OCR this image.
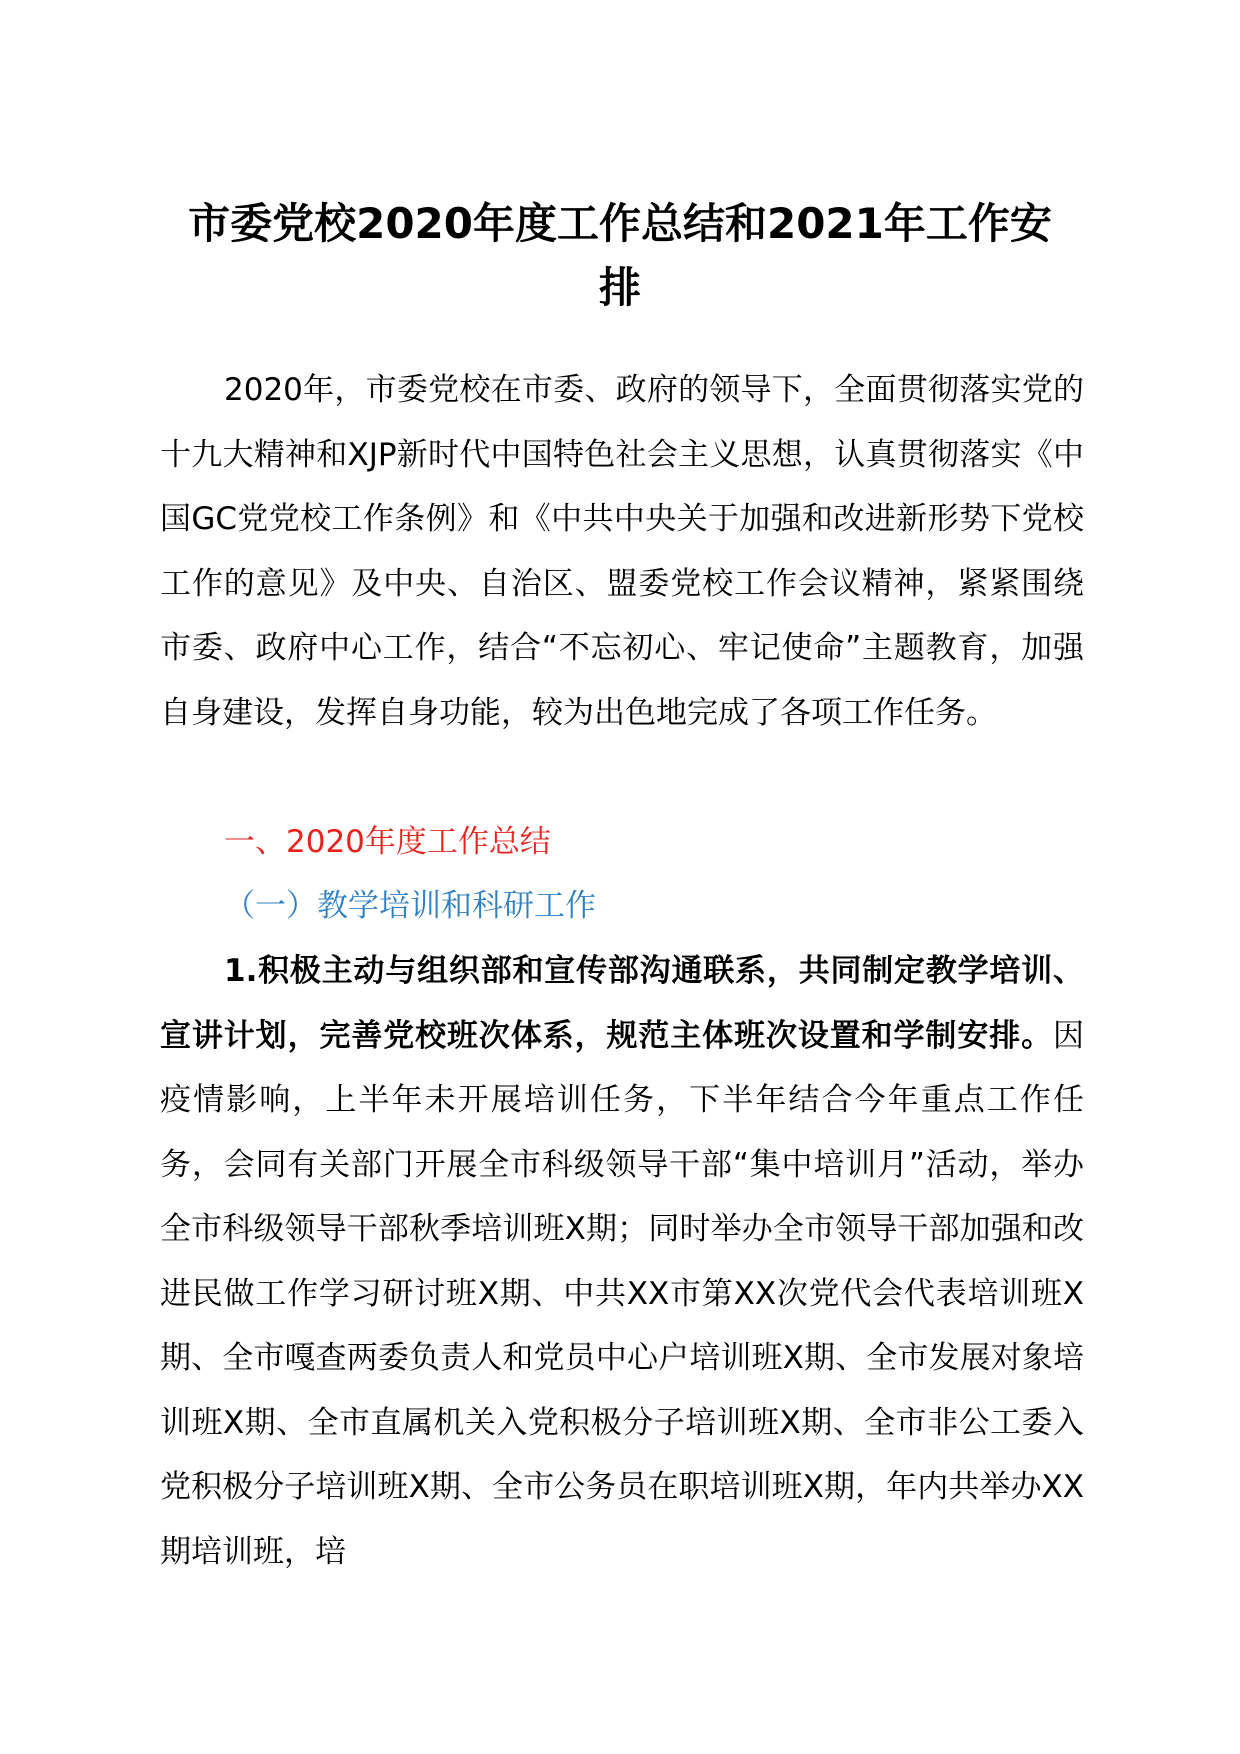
市委党校2020年度工作总结和2021年工作安排

2020年，市委党校在市委、政府的领导下，全面贯彻落实党的十九大精神和XJP新时代中国特色社会主义思想，认真贯彻落实《中国GC党党校工作条例》和《中共中央关于加强和改进新形势下党校工作的意见》及中央、自治区、盟委党校工作会议精神，紧紧围绕市委、政府中心工作，结合“不忘初心、牢记使命”主题教育，加强自身建设，发挥自身功能，较为出色地完成了各项工作任务。

一、2020年度工作总结

（一）教学培训和科研工作

1.积极主动与组织部和宣传部沟通联系，共同制定教学培训、宣讲计划，完善党校班次体系，规范主体班次设置和学制安排。因疫情影响，上半年未开展培训任务，下半年结合今年重点工作任务，会同有关部门开展全市科级领导干部“集中培训月”活动，举办全市科级领导干部秋季培训班X期；同时举办全市领导干部加强和改进民做工作学习研讨班X期、中共XX市第XX次党代会代表培训班X期、全市嘎查两委负责人和党员中心户培训班X期、全市发展对象培训班X期、全市直属机关入党积极分子培训班X期、全市非公工委入党积极分子培训班X期、全市公务员在职培训班X期，年内共举办XX期培训班，培
